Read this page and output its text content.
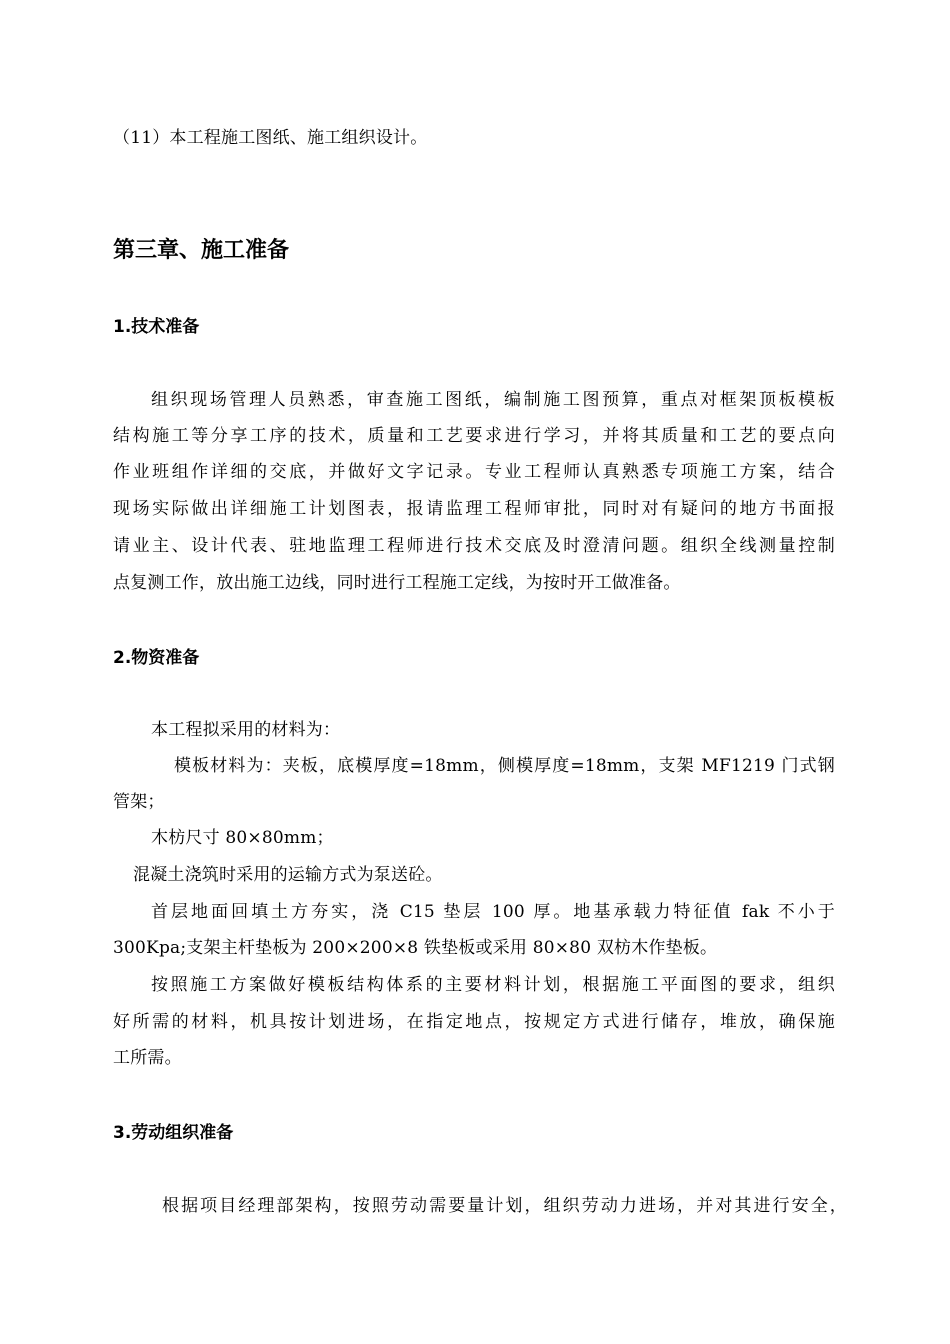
（11）本工程施工图纸、施工组织设计。
第三章、施工准备
1.技术准备
组织现场管理人员熟悉，审查施工图纸，编制施工图预算，重点对框架顶板模板
结构施工等分享工序的技术，质量和工艺要求进行学习，并将其质量和工艺的要点向
作业班组作详细的交底，并做好文字记录。专业工程师认真熟悉专项施工方案，结合
现场实际做出详细施工计划图表，报请监理工程师审批，同时对有疑问的地方书面报
请业主、设计代表、驻地监理工程师进行技术交底及时澄清问题。组织全线测量控制
点复测工作，放出施工边线，同时进行工程施工定线，为按时开工做准备。
2.物资准备
本工程拟采用的材料为：
模板材料为：夹板，底模厚度=18mm，侧模厚度=18mm，支架 MF1219 门式钢
管架；
木枋尺寸 80×80mm；
混凝土浇筑时采用的运输方式为泵送砼。
首层地面回填土方夯实，浇 C15 垫层 100 厚。地基承载力特征值 fak 不小于
300Kpa;支架主杆垫板为 200×200×8 铁垫板或采用 80×80 双枋木作垫板。
按照施工方案做好模板结构体系的主要材料计划，根据施工平面图的要求，组织
好所需的材料，机具按计划进场，在指定地点，按规定方式进行储存，堆放，确保施
工所需。
3.劳动组织准备
根据项目经理部架构，按照劳动需要量计划，组织劳动力进场，并对其进行安全，
